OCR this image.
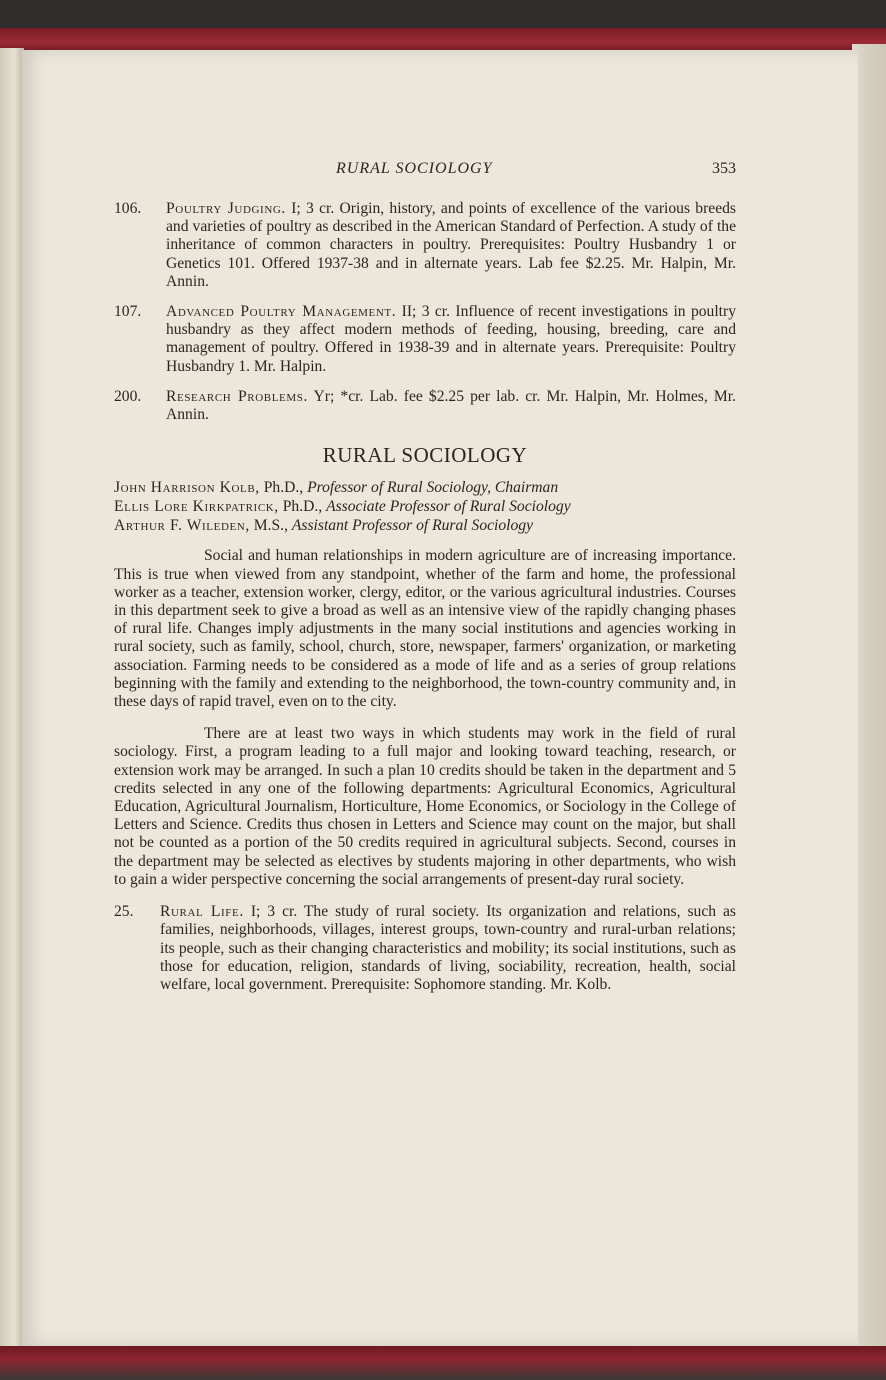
RURAL SOCIOLOGY	353
106. Poultry Judging. I; 3 cr. Origin, history, and points of excellence of the various breeds and varieties of poultry as described in the American Standard of Perfection. A study of the inheritance of common characters in poultry. Prerequisites: Poultry Husbandry 1 or Genetics 101. Offered 1937-38 and in alternate years. Lab fee $2.25. Mr. Halpin, Mr. Annin.
107. Advanced Poultry Management. II; 3 cr. Influence of recent investigations in poultry husbandry as they affect modern methods of feeding, housing, breeding, care and management of poultry. Offered in 1938-39 and in alternate years. Prerequisite: Poultry Husbandry 1. Mr. Halpin.
200. Research Problems. Yr; *cr. Lab. fee $2.25 per lab. cr. Mr. Halpin, Mr. Holmes, Mr. Annin.
RURAL SOCIOLOGY
John Harrison Kolb, Ph.D., Professor of Rural Sociology, Chairman
Ellis Lore Kirkpatrick, Ph.D., Associate Professor of Rural Sociology
Arthur F. Wileden, M.S., Assistant Professor of Rural Sociology

Social and human relationships in modern agriculture are of increasing importance. This is true when viewed from any standpoint, whether of the farm and home, the professional worker as a teacher, extension worker, clergy, editor, or the various agricultural industries. Courses in this department seek to give a broad as well as an intensive view of the rapidly changing phases of rural life. Changes imply adjustments in the many social institutions and agencies working in rural society, such as family, school, church, store, newspaper, farmers' organization, or marketing association. Farming needs to be considered as a mode of life and as a series of group relations beginning with the family and extending to the neighborhood, the town-country community and, in these days of rapid travel, even on to the city.

There are at least two ways in which students may work in the field of rural sociology. First, a program leading to a full major and looking toward teaching, research, or extension work may be arranged. In such a plan 10 credits should be taken in the department and 5 credits selected in any one of the following departments: Agricultural Economics, Agricultural Education, Agricultural Journalism, Horticulture, Home Economics, or Sociology in the College of Letters and Science. Credits thus chosen in Letters and Science may count on the major, but shall not be counted as a portion of the 50 credits required in agricultural subjects. Second, courses in the department may be selected as electives by students majoring in other departments, who wish to gain a wider perspective concerning the social arrangements of present-day rural society.

25. Rural Life. I; 3 cr. The study of rural society. Its organization and relations, such as families, neighborhoods, villages, interest groups, town-country and rural-urban relations; its people, such as their changing characteristics and mobility; its social institutions, such as those for education, religion, standards of living, sociability, recreation, health, social welfare, local government. Prerequisite: Sophomore standing. Mr. Kolb.
